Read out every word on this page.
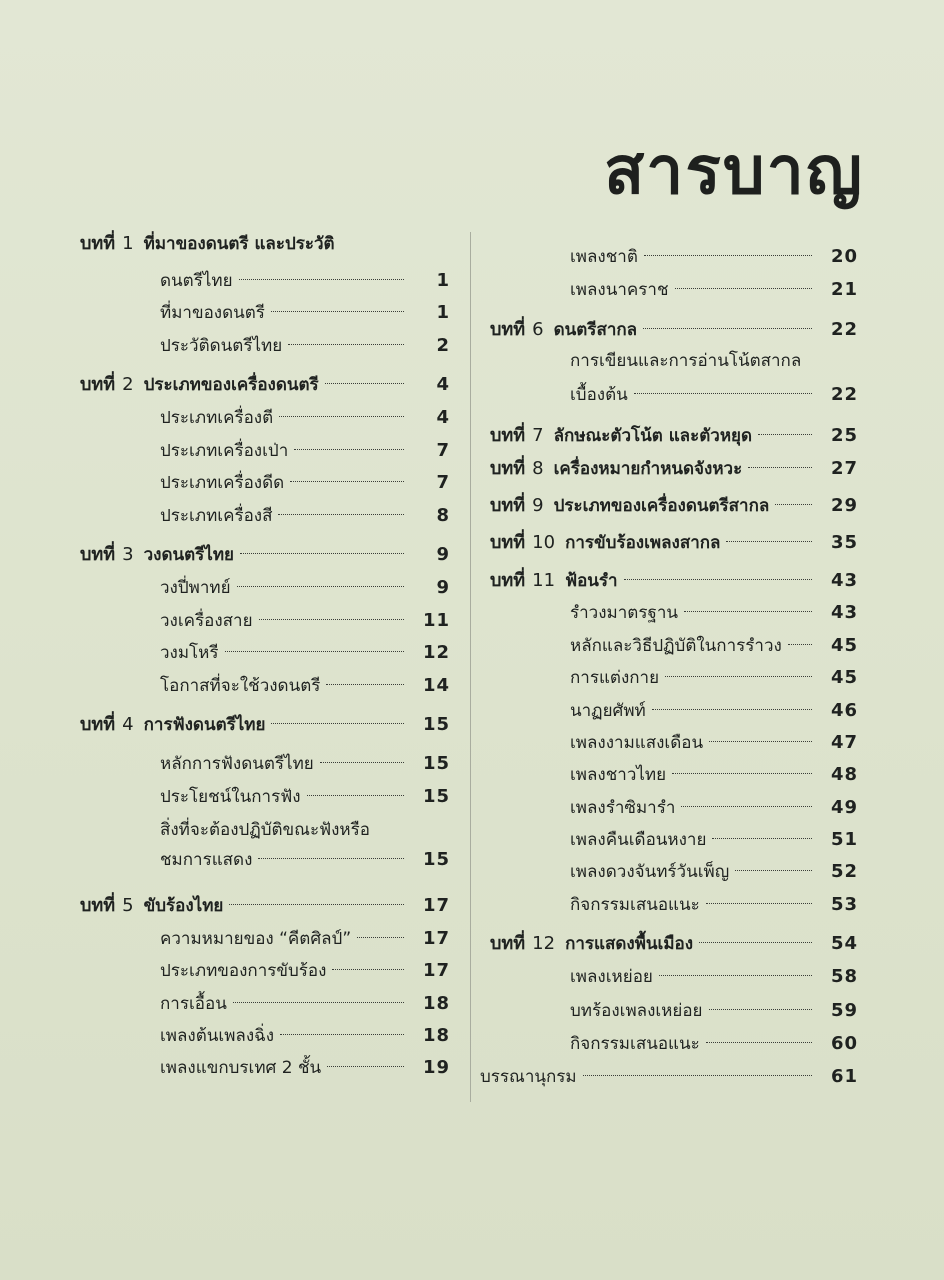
สารบาญ
บทที่ 1 ที่มาของดนตรี และประวัติ
ดนตรีไทย	1
ที่มาของดนตรี	1
ประวัติดนตรีไทย	2
บทที่ 2 ประเภทของเครื่องดนตรี	4
ประเภทเครื่องตี	4
ประเภทเครื่องเป่า	7
ประเภทเครื่องดีด	7
ประเภทเครื่องสี	8
บทที่ 3 วงดนตรีไทย	9
วงปี่พาทย์	9
วงเครื่องสาย	11
วงมโหรี	12
โอกาสที่จะใช้วงดนตรี	14
บทที่ 4 การฟังดนตรีไทย	15
หลักการฟังดนตรีไทย	15
ประโยชน์ในการฟัง	15
สิ่งที่จะต้องปฏิบัติขณะฟังหรือ
ชมการแสดง	15
บทที่ 5 ขับร้องไทย	17
ความหมายของ “คีตศิลป์”	17
ประเภทของการขับร้อง	17
การเอื้อน	18
เพลงต้นเพลงฉิ่ง	18
เพลงแขกบรเทศ 2 ชั้น	19
เพลงชาติ	20
เพลงนาคราช	21
บทที่ 6 ดนตรีสากล	22
การเขียนและการอ่านโน้ตสากล
เบื้องต้น	22
บทที่ 7 ลักษณะตัวโน้ต และตัวหยุด	25
บทที่ 8 เครื่องหมายกำหนดจังหวะ	27
บทที่ 9 ประเภทของเครื่องดนตรีสากล	29
บทที่ 10 การขับร้องเพลงสากล	35
บทที่ 11 ฟ้อนรำ	43
รำวงมาตรฐาน	43
หลักและวิธีปฏิบัติในการรำวง	45
การแต่งกาย	45
นาฏยศัพท์	46
เพลงงามแสงเดือน	47
เพลงชาวไทย	48
เพลงรำซิมารำ	49
เพลงคืนเดือนหงาย	51
เพลงดวงจันทร์วันเพ็ญ	52
กิจกรรมเสนอแนะ	53
บทที่ 12 การแสดงพื้นเมือง	54
เพลงเหย่อย	58
บทร้องเพลงเหย่อย	59
กิจกรรมเสนอแนะ	60
บรรณานุกรม	61
